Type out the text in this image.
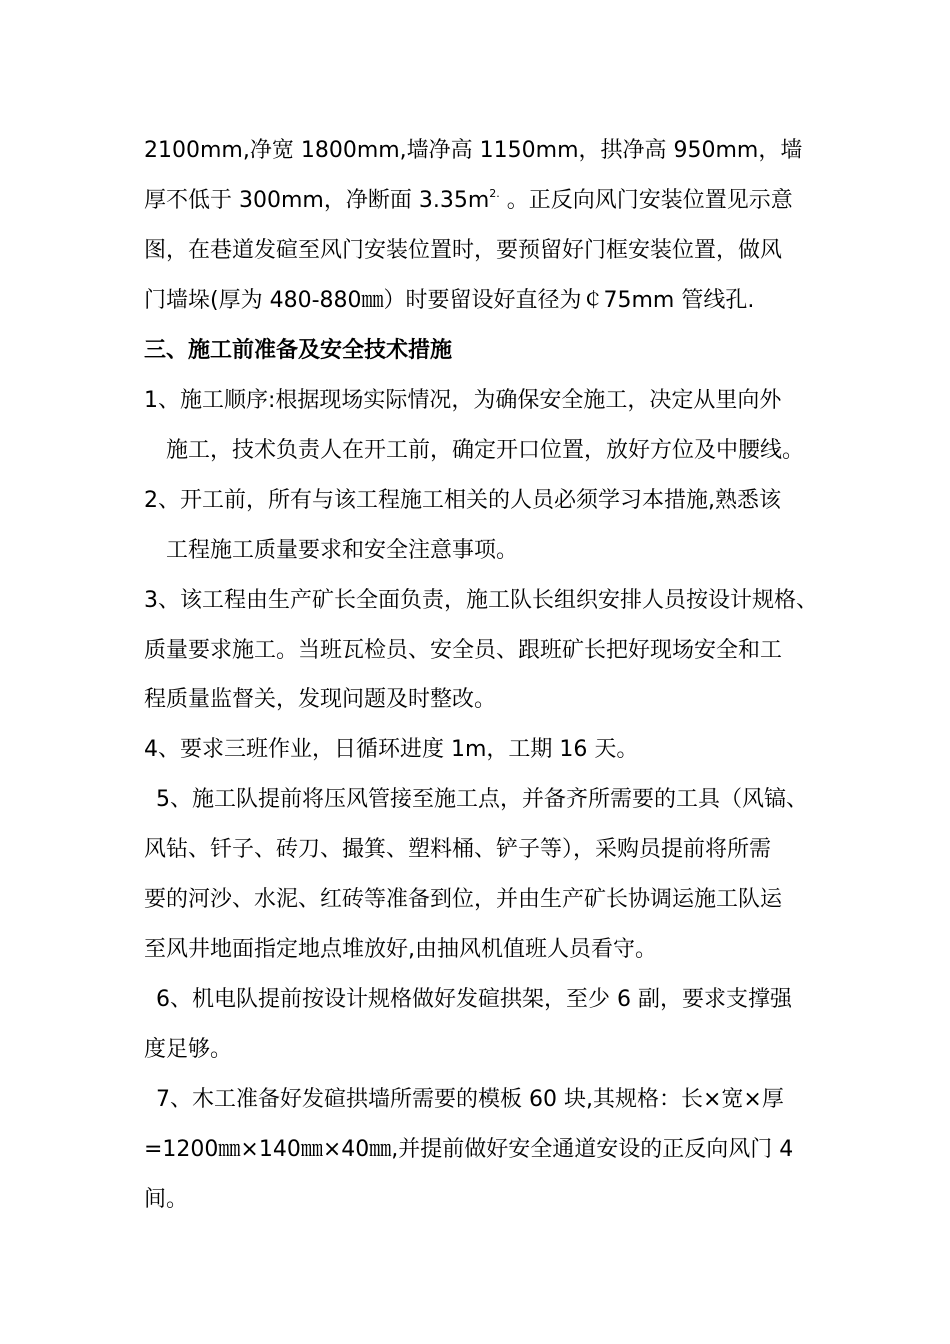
2100mm,净宽 1800mm,墙净高 1150mm，拱净高 950mm，墙
厚不低于 300mm，净断面 $3.35m^{2.}$ 。正反向风门安装位置见示意
图，在巷道发碹至风门安装位置时，要预留好门框安装位置，做风
门墙垛(厚为 480-880㎜）时要留设好直径为￠75mm 管线孔.
三、施工前准备及安全技术措施
1、施工顺序:根据现场实际情况，为确保安全施工，决定从里向外
施工，技术负责人在开工前，确定开口位置，放好方位及中腰线。
2、开工前，所有与该工程施工相关的人员必须学习本措施,熟悉该
工程施工质量要求和安全注意事项。
3、该工程由生产矿长全面负责，施工队长组织安排人员按设计规格、
质量要求施工。当班瓦检员、安全员、跟班矿长把好现场安全和工
程质量监督关，发现问题及时整改。
4、要求三班作业，日循环进度 1m，工期 16 天。
5、施工队提前将压风管接至施工点，并备齐所需要的工具（风镐、
风钻、钎子、砖刀、撮箕、塑料桶、铲子等），采购员提前将所需
要的河沙、水泥、红砖等准备到位，并由生产矿长协调运施工队运
至风井地面指定地点堆放好,由抽风机值班人员看守。
6、机电队提前按设计规格做好发碹拱架，至少 6 副，要求支撑强
度足够。
7、木工准备好发碹拱墙所需要的模板 60 块,其规格：长×宽×厚
=1200㎜×140㎜×40㎜,并提前做好安全通道安设的正反向风门 4
间。
